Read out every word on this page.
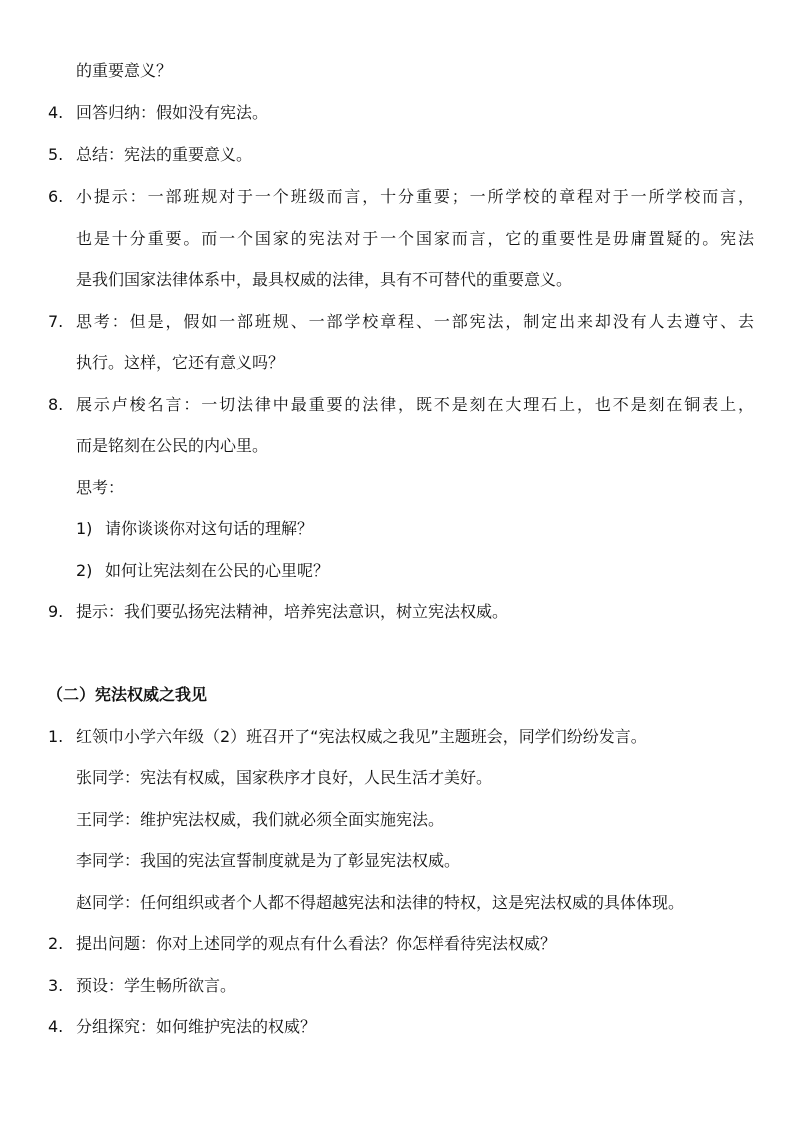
的重要意义？
4. 回答归纳：假如没有宪法。
5. 总结：宪法的重要意义。
6. 小提示：一部班规对于一个班级而言，十分重要；一所学校的章程对于一所学校而言，
也是十分重要。而一个国家的宪法对于一个国家而言，它的重要性是毋庸置疑的。宪法
是我们国家法律体系中，最具权威的法律，具有不可替代的重要意义。
7. 思考：但是，假如一部班规、一部学校章程、一部宪法，制定出来却没有人去遵守、去
执行。这样，它还有意义吗？
8. 展示卢梭名言：一切法律中最重要的法律，既不是刻在大理石上，也不是刻在铜表上，
而是铭刻在公民的内心里。
思考：
1) 请你谈谈你对这句话的理解？
2) 如何让宪法刻在公民的心里呢？
9. 提示：我们要弘扬宪法精神，培养宪法意识，树立宪法权威。
（二）宪法权威之我见
1. 红领巾小学六年级（2）班召开了“宪法权威之我见”主题班会，同学们纷纷发言。
张同学：宪法有权威，国家秩序才良好，人民生活才美好。
王同学：维护宪法权威，我们就必须全面实施宪法。
李同学：我国的宪法宣誓制度就是为了彰显宪法权威。
赵同学：任何组织或者个人都不得超越宪法和法律的特权，这是宪法权威的具体体现。
2. 提出问题：你对上述同学的观点有什么看法？你怎样看待宪法权威？
3. 预设：学生畅所欲言。
4. 分组探究：如何维护宪法的权威？
